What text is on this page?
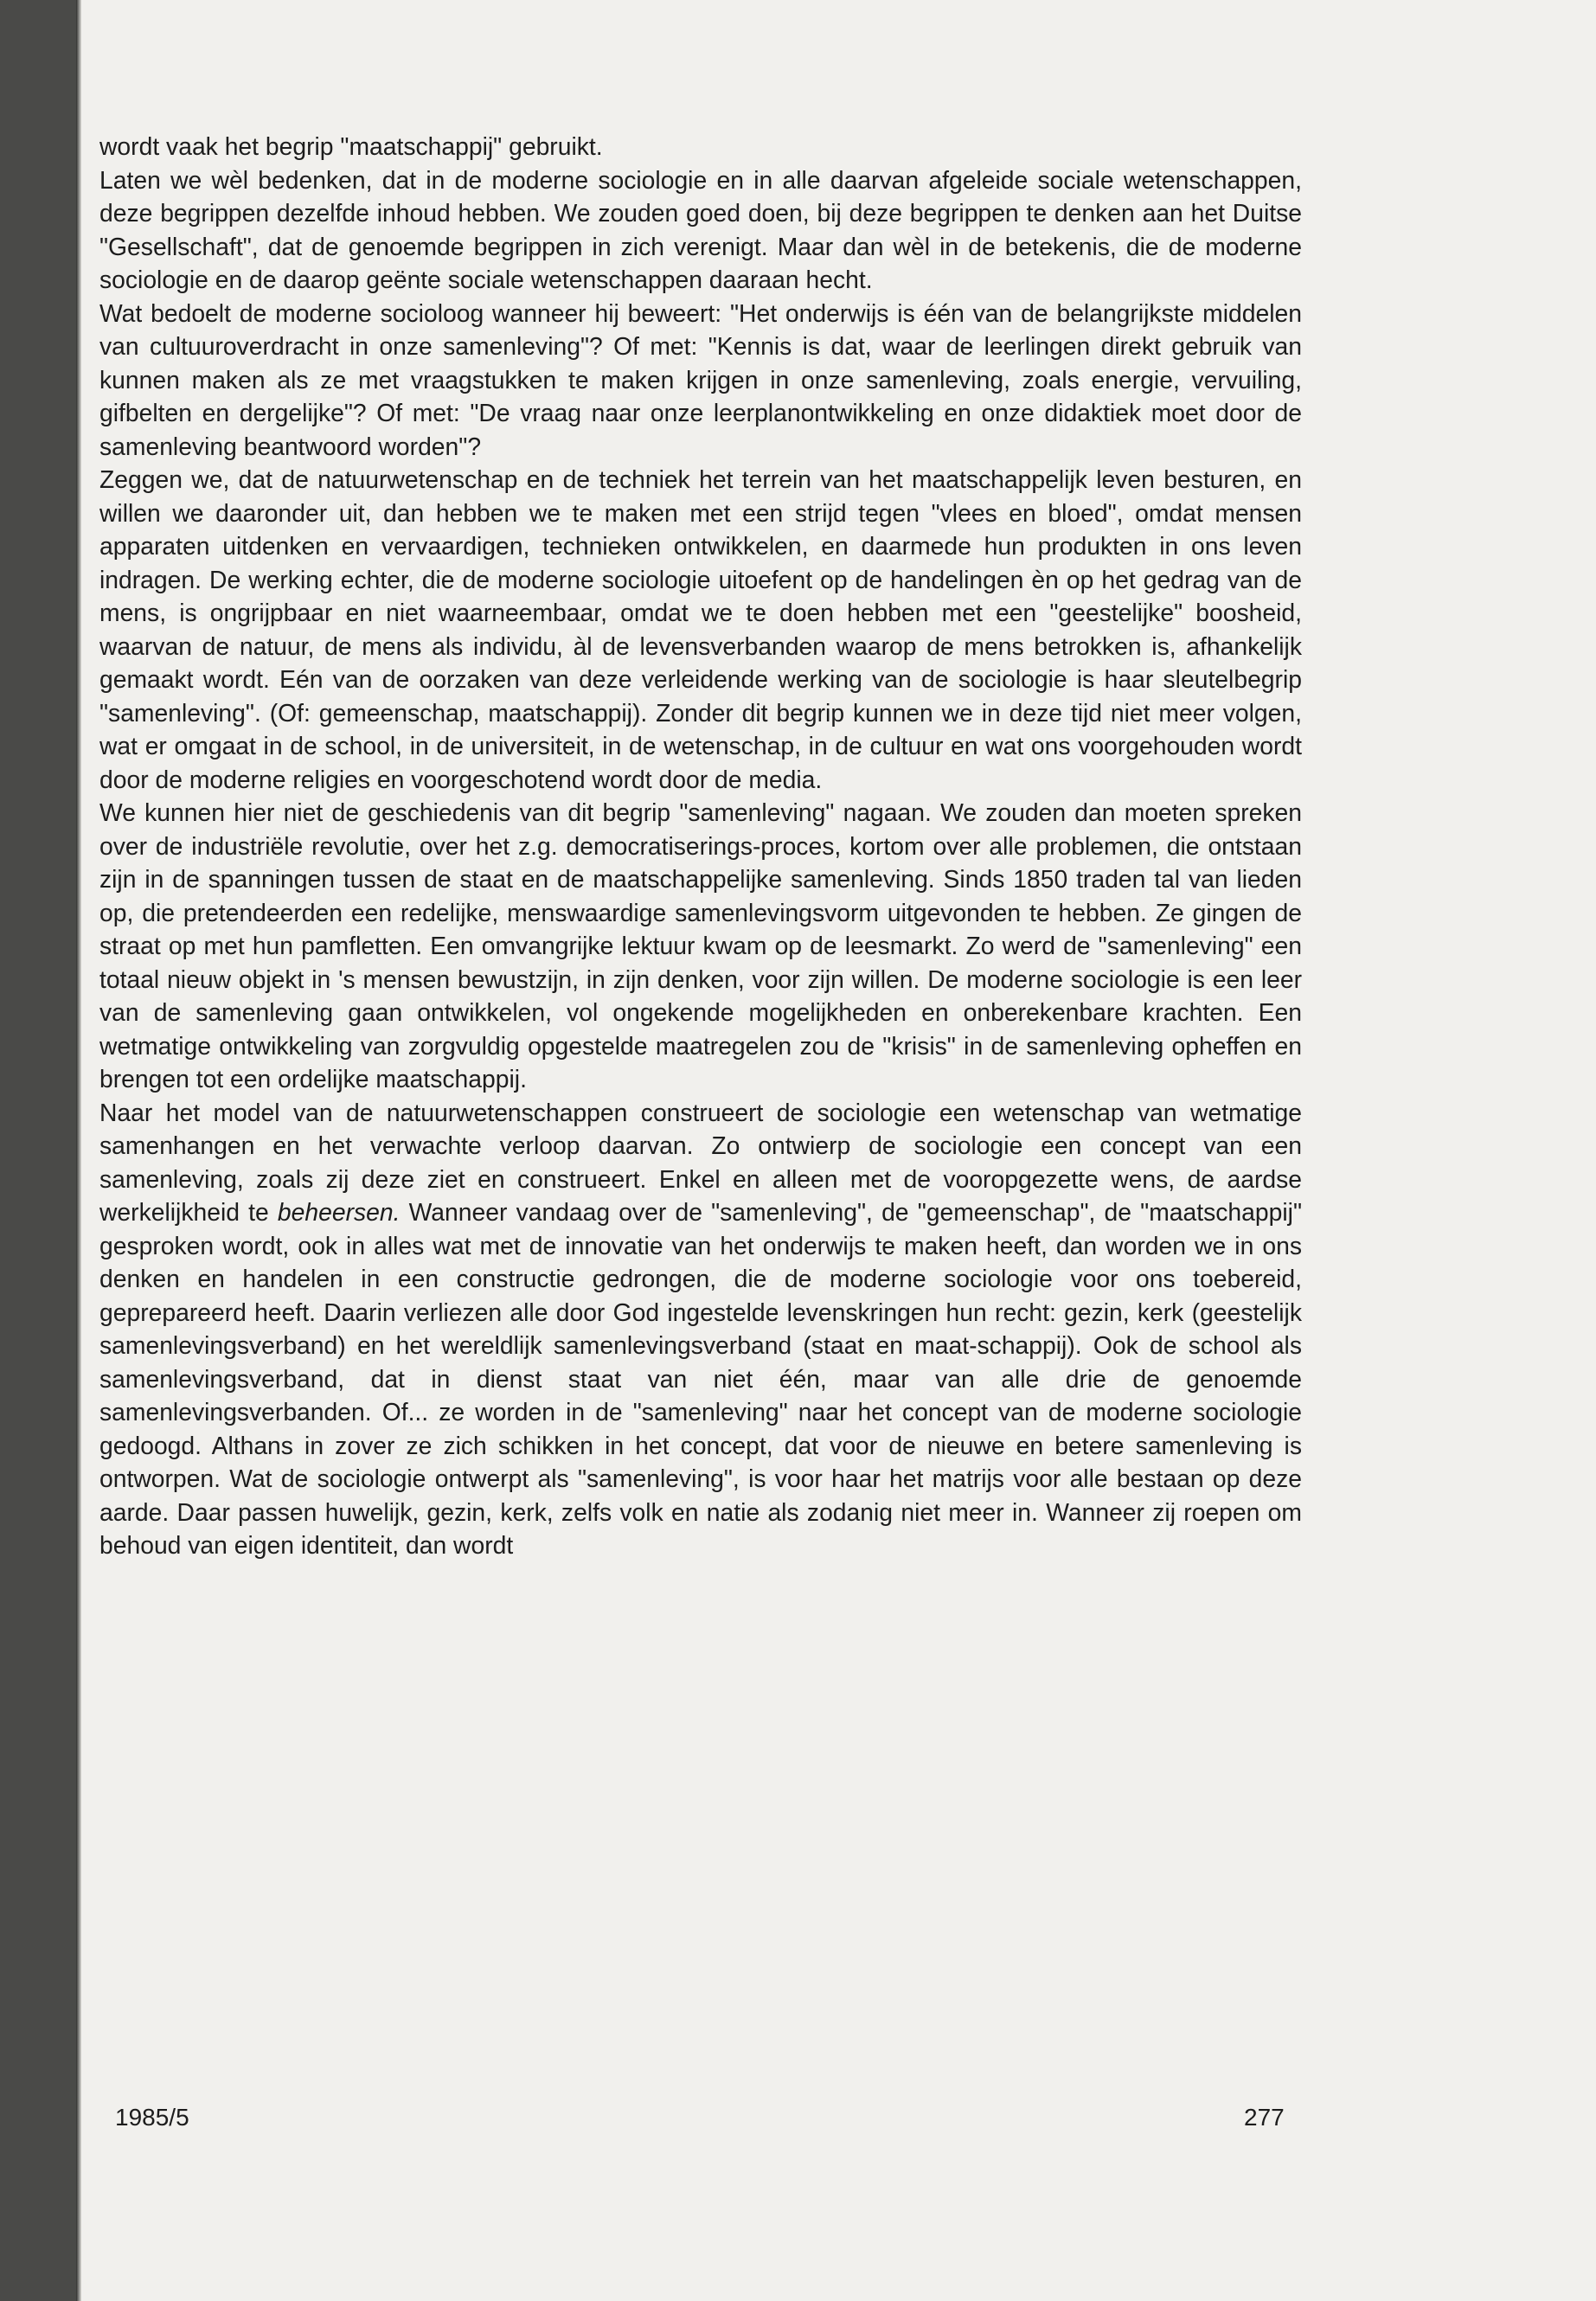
wordt vaak het begrip "maatschappij" gebruikt.

Laten we wèl bedenken, dat in de moderne sociologie en in alle daarvan afgeleide sociale wetenschappen, deze begrippen dezelfde inhoud hebben. We zouden goed doen, bij deze begrippen te denken aan het Duitse "Gesellschaft", dat de genoemde begrippen in zich verenigt. Maar dan wèl in de betekenis, die de moderne sociologie en de daarop geënte sociale wetenschappen daaraan hecht.

Wat bedoelt de moderne socioloog wanneer hij beweert: "Het onderwijs is één van de belangrijkste middelen van cultuuroverdracht in onze samenleving"? Of met: "Kennis is dat, waar de leerlingen direkt gebruik van kunnen maken als ze met vraagstukken te maken krijgen in onze samenleving, zoals energie, vervuiling, gifbelten en dergelijke"? Of met: "De vraag naar onze leerplanontwikkeling en onze didaktiek moet door de samenleving beantwoord worden"?

Zeggen we, dat de natuurwetenschap en de techniek het terrein van het maatschappelijk leven besturen, en willen we daaronder uit, dan hebben we te maken met een strijd tegen "vlees en bloed", omdat mensen apparaten uitdenken en vervaardigen, technieken ontwikkelen, en daarmede hun produkten in ons leven indragen. De werking echter, die de moderne sociologie uitoefent op de handelingen èn op het gedrag van de mens, is ongrijpbaar en niet waarneembaar, omdat we te doen hebben met een "geestelijke" boosheid, waarvan de natuur, de mens als individu, àl de levensverbanden waarop de mens betrokken is, afhankelijk gemaakt wordt. Eén van de oorzaken van deze verleidende werking van de sociologie is haar sleutelbegrip "samenleving". (Of: gemeenschap, maatschappij). Zonder dit begrip kunnen we in deze tijd niet meer volgen, wat er omgaat in de school, in de universiteit, in de wetenschap, in de cultuur en wat ons voorgehouden wordt door de moderne religies en voorgeschotend wordt door de media.

We kunnen hier niet de geschiedenis van dit begrip "samenleving" nagaan. We zouden dan moeten spreken over de industriële revolutie, over het z.g. democratiserings-proces, kortom over alle problemen, die ontstaan zijn in de spanningen tussen de staat en de maatschappelijke samenleving. Sinds 1850 traden tal van lieden op, die pretendeerden een redelijke, menswaardige samenlevingsvorm uitgevonden te hebben. Ze gingen de straat op met hun pamfletten. Een omvangrijke lektuur kwam op de leesmarkt. Zo werd de "samenleving" een totaal nieuw objekt in 's mensen bewustzijn, in zijn denken, voor zijn willen. De moderne sociologie is een leer van de samenleving gaan ontwikkelen, vol ongekende mogelijkheden en onberekenbare krachten. Een wetmatige ontwikkeling van zorgvuldig opgestelde maatregelen zou de "krisis" in de samenleving opheffen en brengen tot een ordelijke maatschappij.

Naar het model van de natuurwetenschappen construeert de sociologie een wetenschap van wetmatige samenhangen en het verwachte verloop daarvan. Zo ontwierp de sociologie een concept van een samenleving, zoals zij deze ziet en construeert. Enkel en alleen met de vooropgezette wens, de aardse werkelijkheid te beheersen. Wanneer vandaag over de "samenleving", de "gemeenschap", de "maatschappij" gesproken wordt, ook in alles wat met de innovatie van het onderwijs te maken heeft, dan worden we in ons denken en handelen in een constructie gedrongen, die de moderne sociologie voor ons toebereid, geprepareerd heeft. Daarin verliezen alle door God ingestelde levenskringen hun recht: gezin, kerk (geestelijk samenlevingsverband) en het wereldlijk samenlevingsverband (staat en maat-schappij). Ook de school als samenlevingsverband, dat in dienst staat van niet één, maar van alle drie de genoemde samenlevingsverbanden. Of... ze worden in de "samenleving" naar het concept van de moderne sociologie gedoogd. Althans in zover ze zich schikken in het concept, dat voor de nieuwe en betere samenleving is ontworpen. Wat de sociologie ontwerpt als "samenleving", is voor haar het matrijs voor alle bestaan op deze aarde. Daar passen huwelijk, gezin, kerk, zelfs volk en natie als zodanig niet meer in. Wanneer zij roepen om behoud van eigen identiteit, dan wordt

1985/5	277
